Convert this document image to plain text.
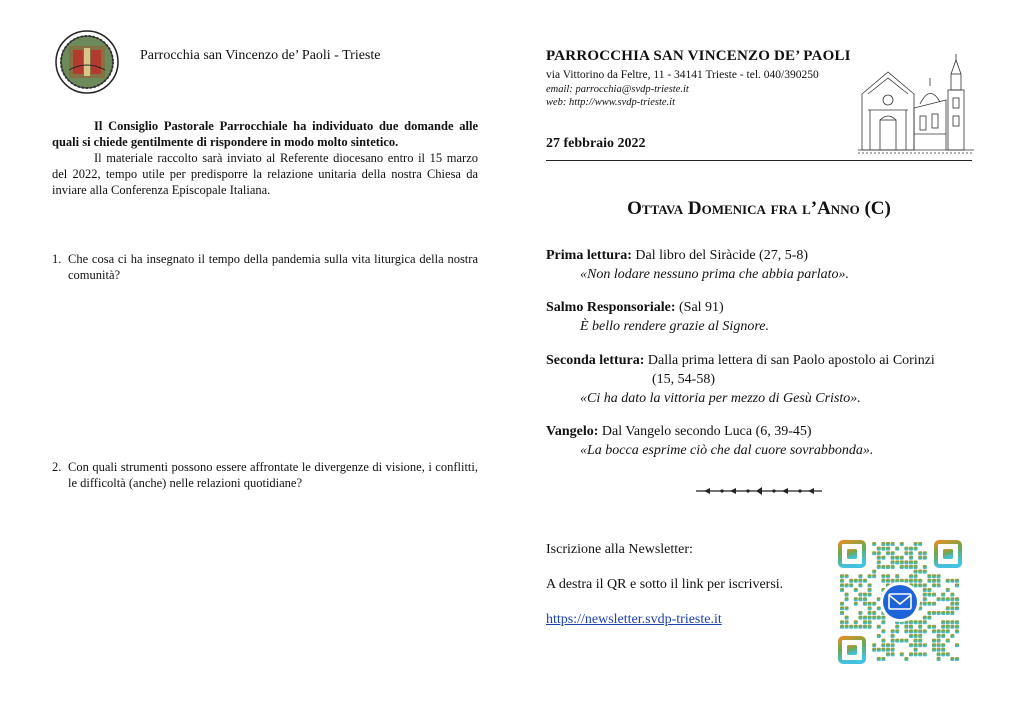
Parrocchia san Vincenzo de’ Paoli - Trieste

Il Consiglio Pastorale Parrocchiale ha individuato due domande alle quali si chiede gentilmente di rispondere in modo molto sintetico.

Il materiale raccolto sarà inviato al Referente diocesano entro il 15 marzo del 2022, tempo utile per predisporre la relazione unitaria della nostra Chiesa da inviare alla Conferenza Episcopale Italiana.

1. Che cosa ci ha insegnato il tempo della pandemia sulla vita liturgica della nostra comunità?
2. Con quali strumenti possono essere affrontate le divergenze di visione, i conflitti, le difficoltà (anche) nelle relazioni quotidiane?
PARROCCHIA SAN VINCENZO DE’ PAOLI
via Vittorino da Feltre, 11 - 34141 Trieste - tel. 040/390250
email: parrocchia@svdp-trieste.it
web: http://www.svdp-trieste.it
27 febbraio 2022
Ottava Domenica fra l’Anno (C)
Prima lettura: Dal libro del Siràcide (27, 5-8)
«Non lodare nessuno prima che abbia parlato».
Salmo Responsoriale: (Sal 91)
È bello rendere grazie al Signore.
Seconda lettura: Dalla prima lettera di san Paolo apostolo ai Corinzi
(15, 54-58)
«Ci ha dato la vittoria per mezzo di Gesù Cristo».
Vangelo: Dal Vangelo secondo Luca (6, 39-45)
«La bocca esprime ciò che dal cuore sovrabbonda».
Iscrizione alla Newsletter:
A destra il QR e sotto il link per iscriversi.
https://newsletter.svdp-trieste.it
